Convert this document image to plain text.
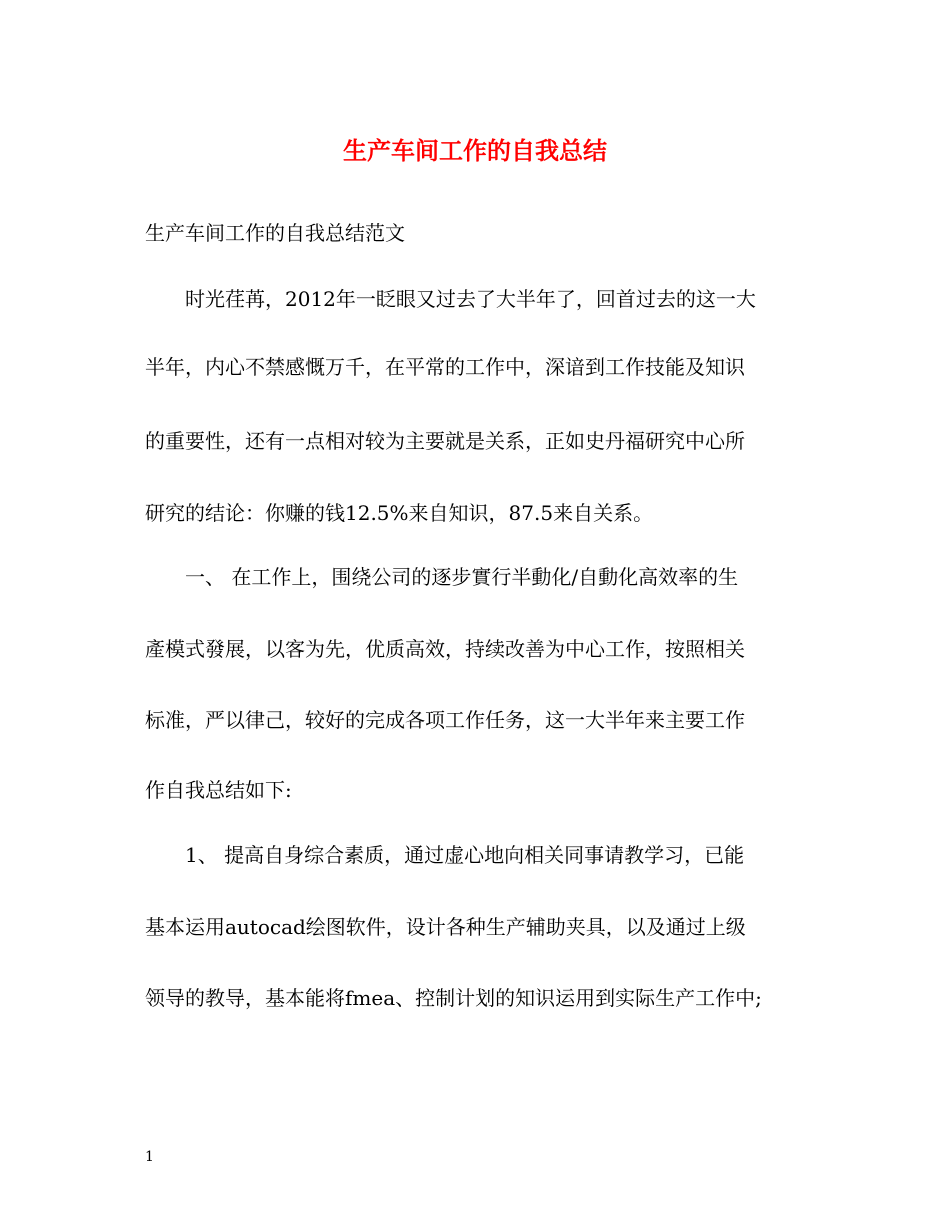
生产车间工作的自我总结
生产车间工作的自我总结范文
时光荏苒，2012年一眨眼又过去了大半年了，回首过去的这一大
半年，内心不禁感慨万千，在平常的工作中，深谙到工作技能及知识
的重要性，还有一点相对较为主要就是关系，正如史丹福研究中心所
研究的结论：你赚的钱12.5%来自知识，87.5来自关系。
一、 在工作上，围绕公司的逐步實行半動化/自動化高效率的生
產模式發展，以客为先，优质高效，持续改善为中心工作，按照相关
标准，严以律己，较好的完成各项工作任务，这一大半年来主要工作
作自我总结如下:
1、 提高自身综合素质，通过虚心地向相关同事请教学习，已能
基本运用autocad绘图软件，设计各种生产辅助夹具，以及通过上级
领导的教导，基本能将fmea、控制计划的知识运用到实际生产工作中;
1
